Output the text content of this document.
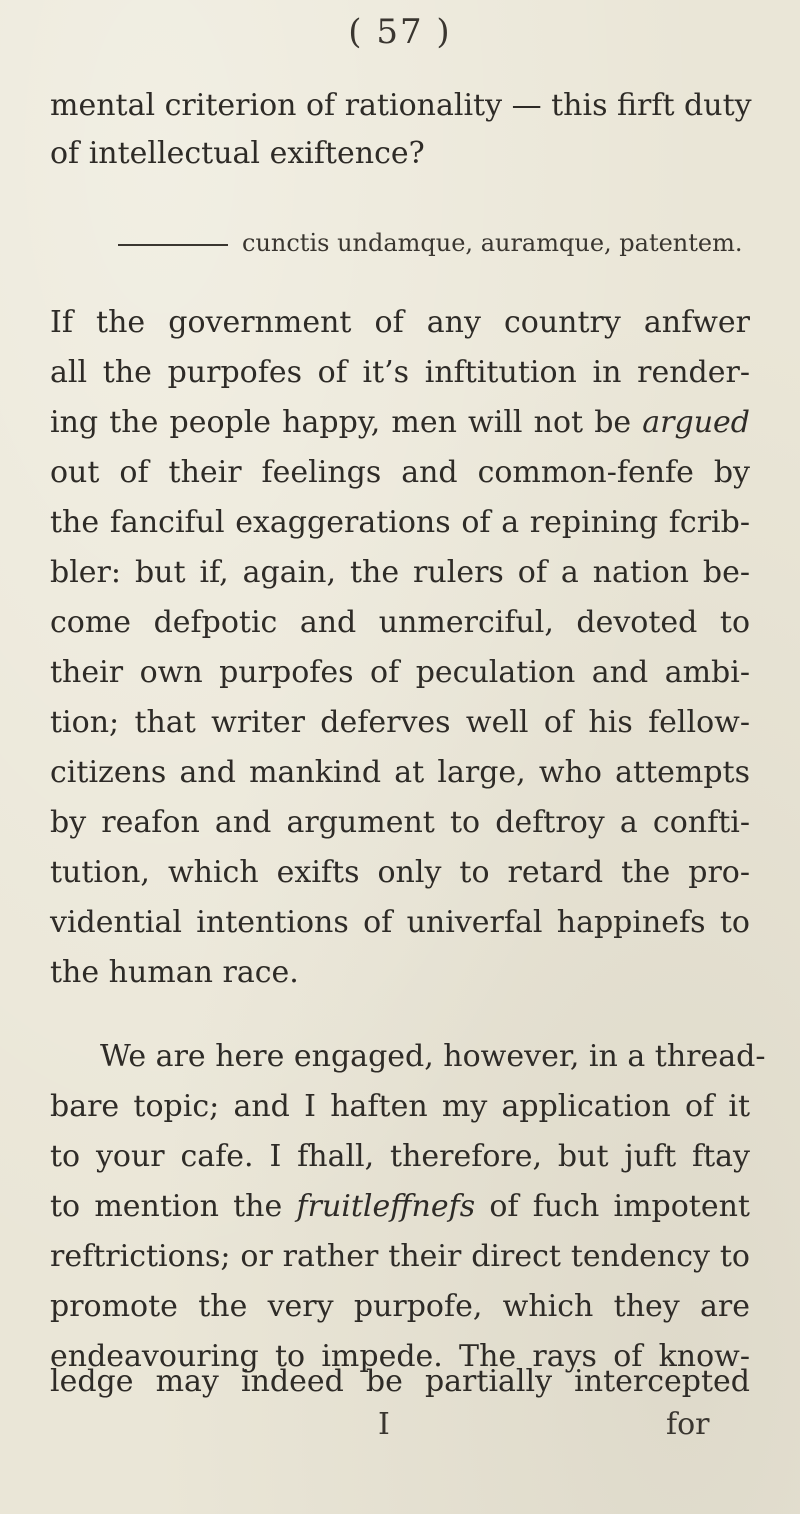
( 57 )
mental criterion of rationality — this firft duty
of intellectual exiftence?
cunctis undamque, auramque, patentem.
If the government of any country anfwer
all the purpofes of it’s inftitution in render-
ing the people happy, men will not be argued
out of their feelings and common-fenfe by
the fanciful exaggerations of a repining fcrib-
bler: but if, again, the rulers of a nation be-
come defpotic and unmerciful, devoted to
their own purpofes of peculation and ambi-
tion; that writer deferves well of his fellow-
citizens and mankind at large, who attempts
by reafon and argument to deftroy a confti-
tution, which exifts only to retard the pro-
vidential intentions of univerfal happinefs to
the human race.
We are here engaged, however, in a thread-
bare topic; and I haften my application of it
to your cafe. I fhall, therefore, but juft ftay
to mention the fruitleffnefs of fuch impotent
reftrictions; or rather their direct tendency to
promote the very purpofe, which they are
endeavouring to impede. The rays of know-
ledge may indeed be partially intercepted
I	for
